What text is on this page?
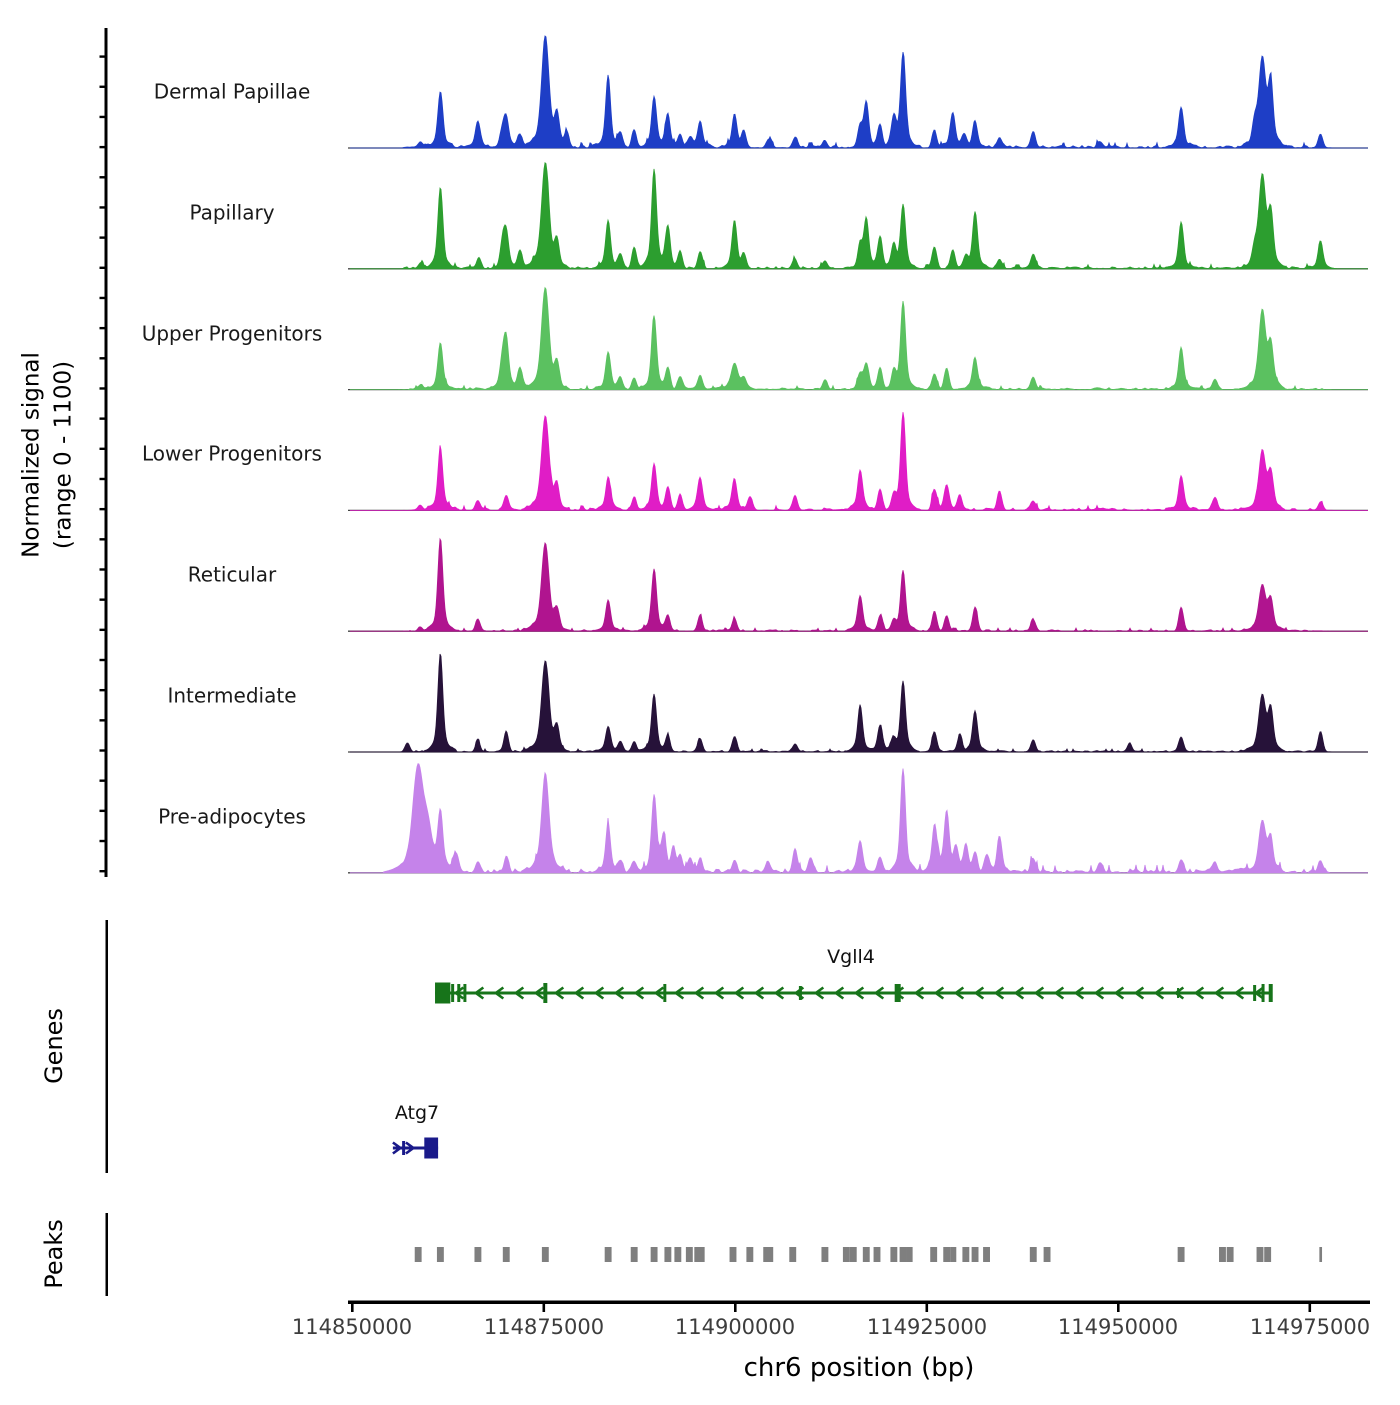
Normalized signal (range 0 - 1100)
Dermal Papillae
Papillary
Upper Progenitors
Lower Progenitors
Reticular
Intermediate
Pre-adipocytes
Genes
Vgll4
Atg7
Peaks
114850000	114875000	114900000	114925000	114950000	114975000
chr6 position (bp)
